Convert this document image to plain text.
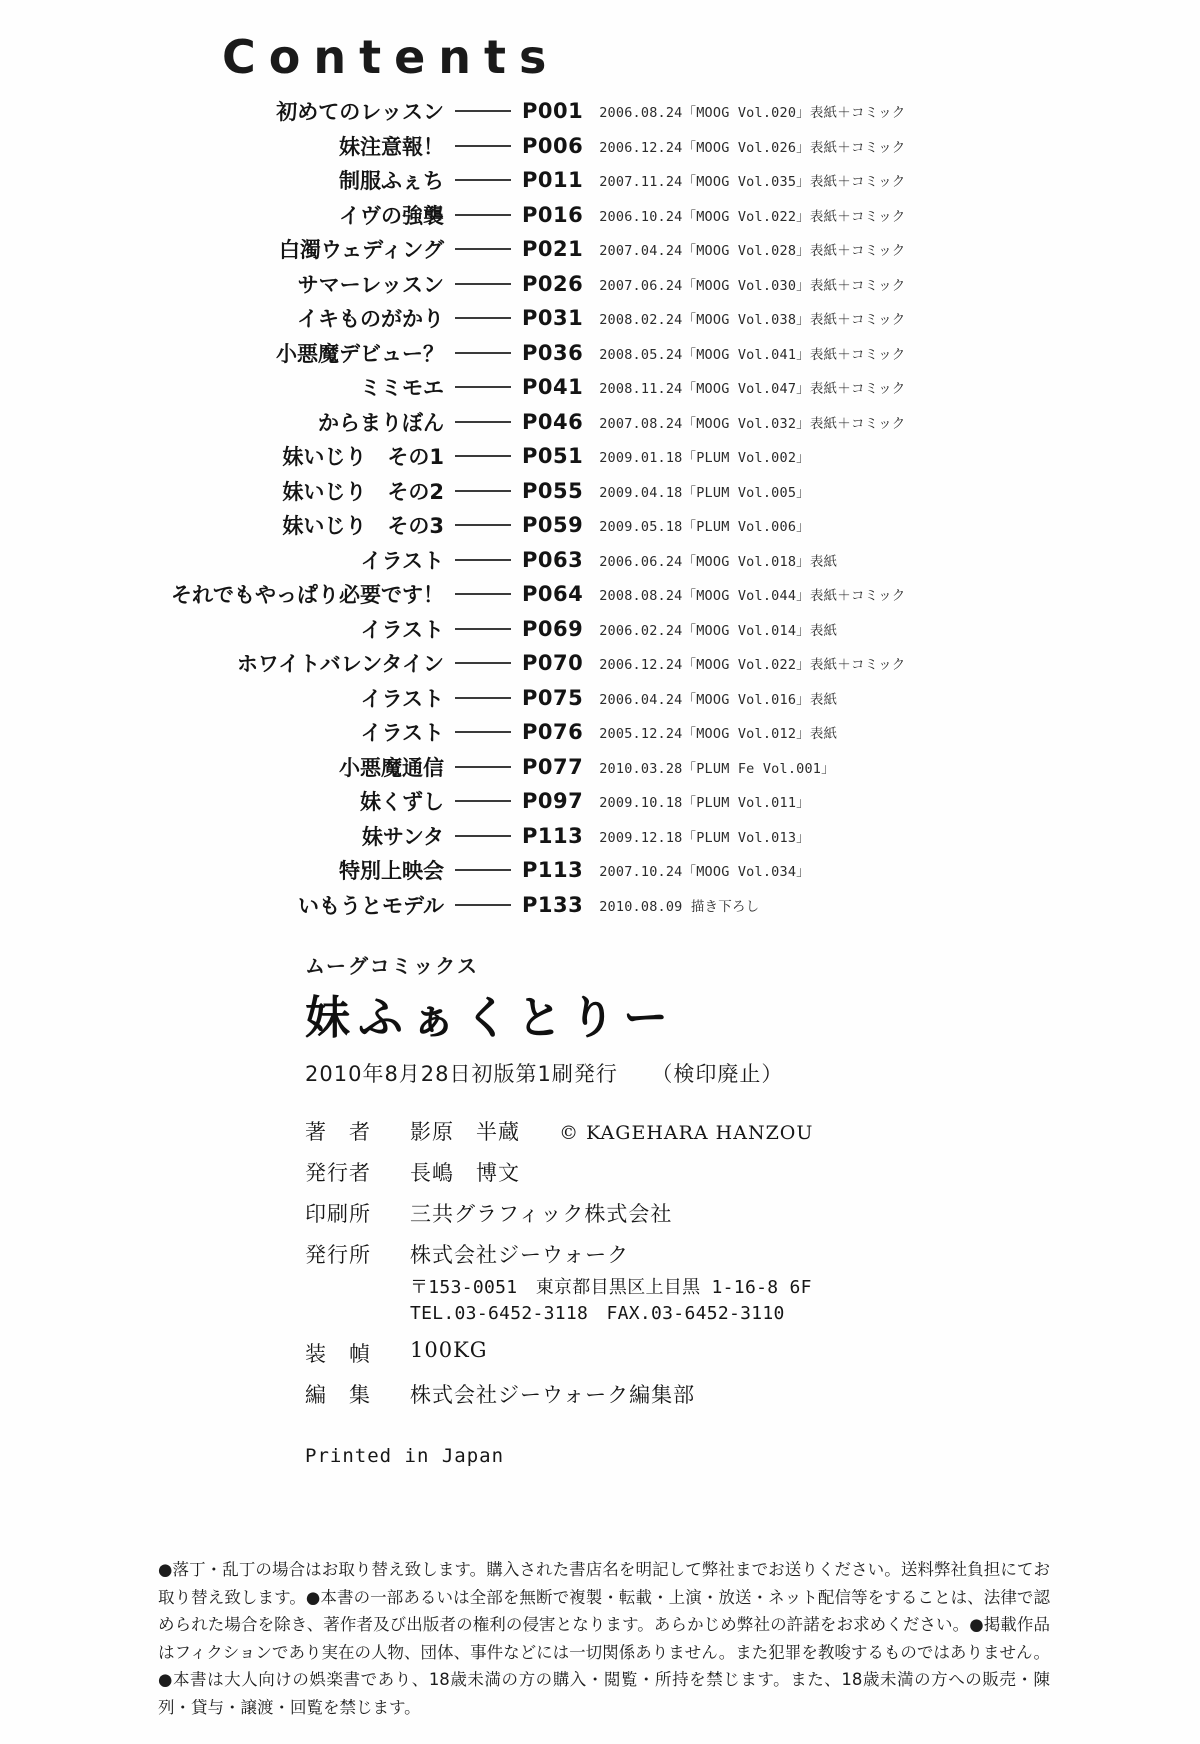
Contents
初めてのレッスン	P001	2006.08.24「MOOG Vol.020」表紙＋コミック
妹注意報！	P006	2006.12.24「MOOG Vol.026」表紙＋コミック
制服ふぇち	P011	2007.11.24「MOOG Vol.035」表紙＋コミック
イヴの強襲	P016	2006.10.24「MOOG Vol.022」表紙＋コミック
白濁ウェディング	P021	2007.04.24「MOOG Vol.028」表紙＋コミック
サマーレッスン	P026	2007.06.24「MOOG Vol.030」表紙＋コミック
イキものがかり	P031	2008.02.24「MOOG Vol.038」表紙＋コミック
小悪魔デビュー？	P036	2008.05.24「MOOG Vol.041」表紙＋コミック
ミミモエ	P041	2008.11.24「MOOG Vol.047」表紙＋コミック
からまりぼん	P046	2007.08.24「MOOG Vol.032」表紙＋コミック
妹いじり　その1	P051	2009.01.18「PLUM Vol.002」
妹いじり　その2	P055	2009.04.18「PLUM Vol.005」
妹いじり　その3	P059	2009.05.18「PLUM Vol.006」
イラスト	P063	2006.06.24「MOOG Vol.018」表紙
それでもやっぱり必要です！	P064	2008.08.24「MOOG Vol.044」表紙＋コミック
イラスト	P069	2006.02.24「MOOG Vol.014」表紙
ホワイトバレンタイン	P070	2006.12.24「MOOG Vol.022」表紙＋コミック
イラスト	P075	2006.04.24「MOOG Vol.016」表紙
イラスト	P076	2005.12.24「MOOG Vol.012」表紙
小悪魔通信	P077	2010.03.28「PLUM Fe Vol.001」
妹くずし	P097	2009.10.18「PLUM Vol.011」
妹サンタ	P113	2009.12.18「PLUM Vol.013」
特別上映会	P113	2007.10.24「MOOG Vol.034」
いもうとモデル	P133	2010.08.09 描き下ろし
ムーグコミックス
妹ふぁくとりー
2010年8月28日初版第1刷発行　　（検印廃止）
著　者	影原　半蔵 © KAGEHARA HANZOU
発行者	長嶋　博文
印刷所	三共グラフィック株式会社
発行所	株式会社ジーウォーク
〒153-0051　東京都目黒区上目黒 1-16-8 6F
TEL.03-6452-3118　FAX.03-6452-3110
装　幀	100KG
編　集	株式会社ジーウォーク編集部
Printed in Japan
●落丁・乱丁の場合はお取り替え致します。購入された書店名を明記して弊社までお送りください。送料弊社負担にてお取り替え致します。●本書の一部あるいは全部を無断で複製・転載・上演・放送・ネット配信等をすることは、法律で認められた場合を除き、著作者及び出版者の権利の侵害となります。あらかじめ弊社の許諾をお求めください。●掲載作品はフィクションであり実在の人物、団体、事件などには一切関係ありません。また犯罪を教唆するものではありません。●本書は大人向けの娯楽書であり、18歳未満の方の購入・閲覧・所持を禁じます。また、18歳未満の方への販売・陳列・貸与・譲渡・回覧を禁じます。
